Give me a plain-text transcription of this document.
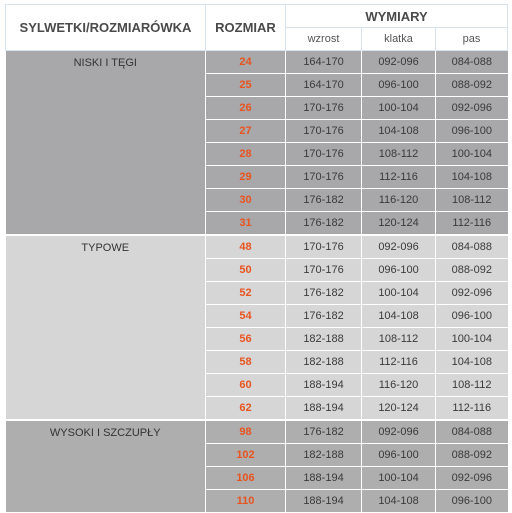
SYLWETKI/ROZMIARÓWKA	ROZMIAR	WYMIARY		
		wzrost	klatka	pas
NISKI I TĘGI	24	164-170	092-096	084-088
	25	164-170	096-100	088-092
	26	170-176	100-104	092-096
	27	170-176	104-108	096-100
	28	170-176	108-112	100-104
	29	170-176	112-116	104-108
	30	176-182	116-120	108-112
	31	176-182	120-124	112-116
TYPOWE	48	170-176	092-096	084-088
	50	170-176	096-100	088-092
	52	176-182	100-104	092-096
	54	176-182	104-108	096-100
	56	182-188	108-112	100-104
	58	182-188	112-116	104-108
	60	188-194	116-120	108-112
	62	188-194	120-124	112-116
WYSOKI I SZCZUPŁY	98	176-182	092-096	084-088
	102	182-188	096-100	088-092
	106	188-194	100-104	092-096
	110	188-194	104-108	096-100
